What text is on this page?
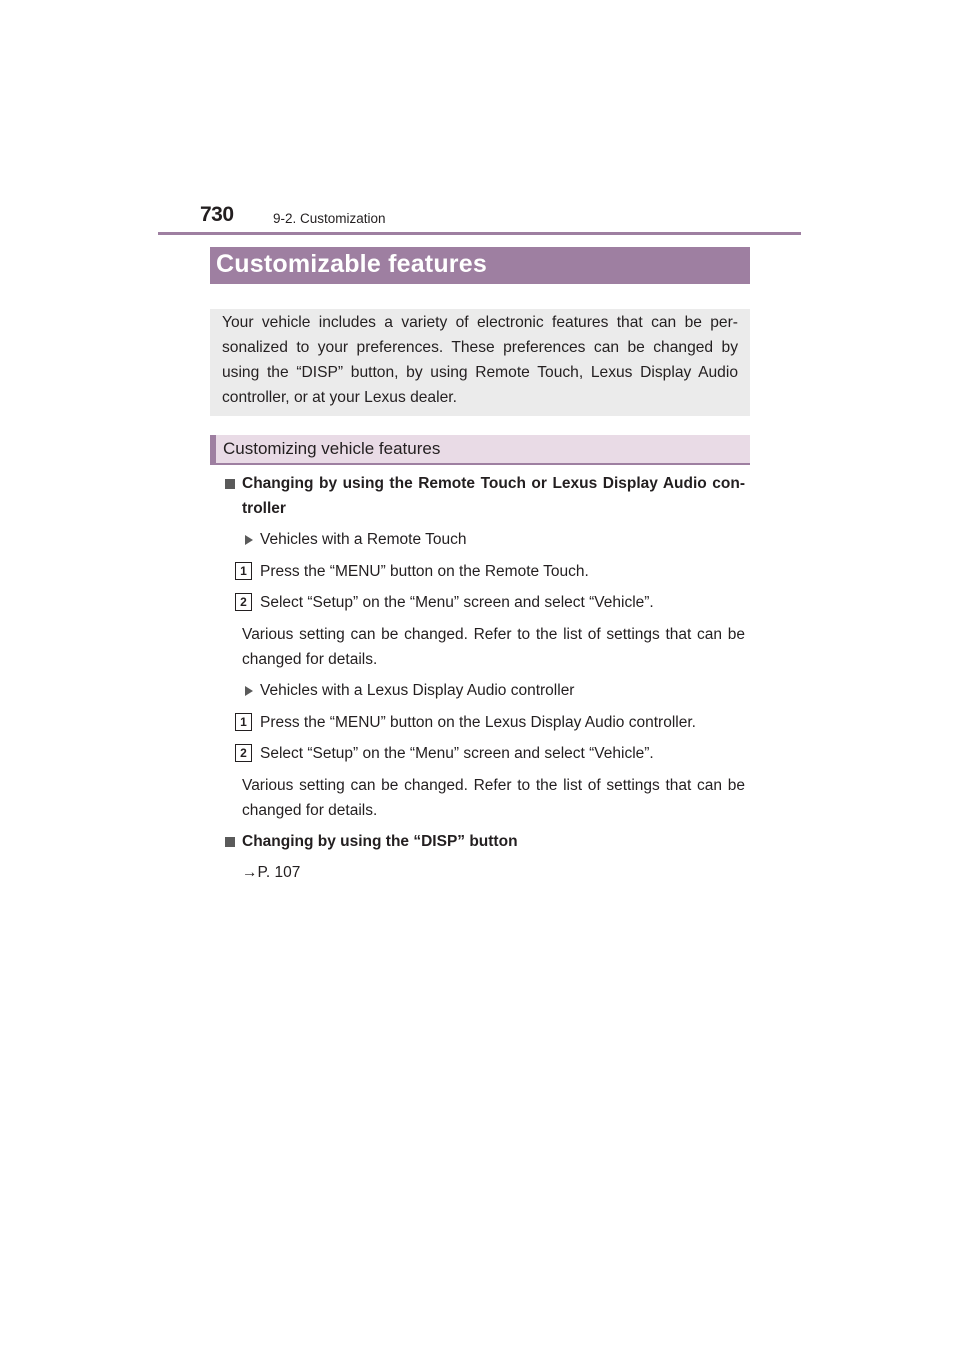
730	9-2. Customization
Customizable features
Your vehicle includes a variety of electronic features that can be per-
sonalized to your preferences. These preferences can be changed by
using the “DISP” button, by using Remote Touch, Lexus Display Audio
controller, or at your Lexus dealer.
Customizing vehicle features
Changing by using the Remote Touch or Lexus Display Audio con-
troller
Vehicles with a Remote Touch
1 Press the “MENU” button on the Remote Touch.
2 Select “Setup” on the “Menu” screen and select “Vehicle”.
Various setting can be changed. Refer to the list of settings that can be
changed for details.
Vehicles with a Lexus Display Audio controller
1 Press the “MENU” button on the Lexus Display Audio controller.
2 Select “Setup” on the “Menu” screen and select “Vehicle”.
Various setting can be changed. Refer to the list of settings that can be
changed for details.
Changing by using the “DISP” button
→P. 107
